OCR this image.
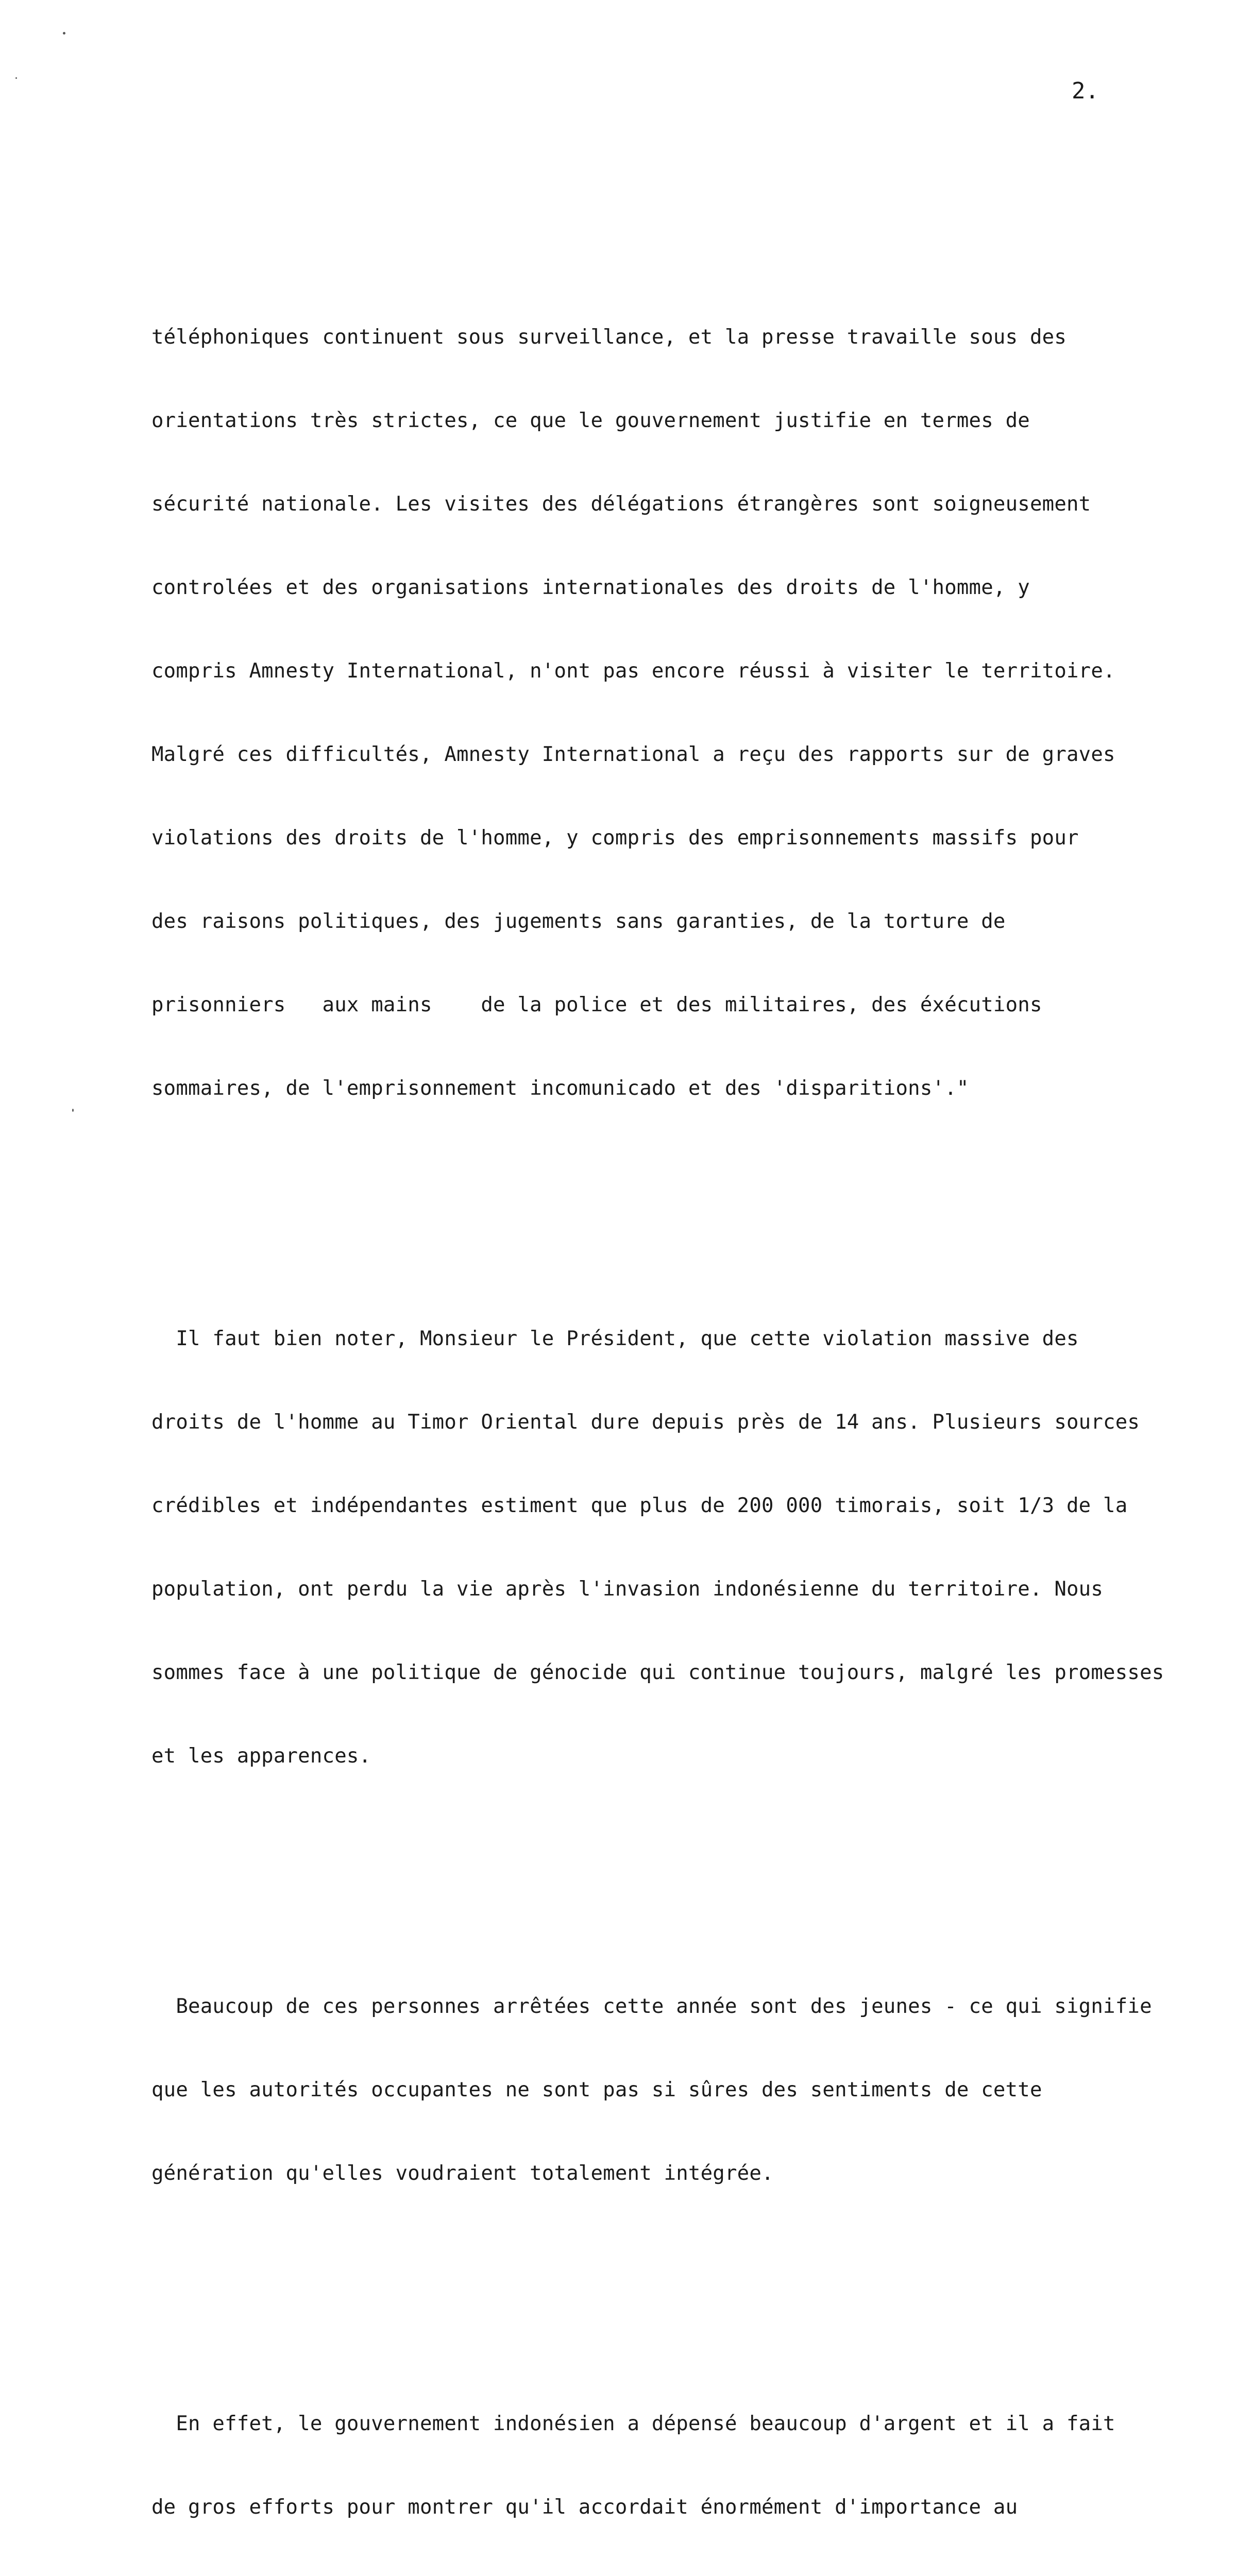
2.

téléphoniques continuent sous surveillance, et la presse travaille sous des

orientations très strictes, ce que le gouvernement justifie en termes de

sécurité nationale. Les visites des délégations étrangères sont soigneusement

controlées et des organisations internationales des droits de l'homme, y

compris Amnesty International, n'ont pas encore réussi à visiter le territoire.

Malgré ces difficultés, Amnesty International a reçu des rapports sur de graves

violations des droits de l'homme, y compris des emprisonnements massifs pour

des raisons politiques, des jugements sans garanties, de la torture de

prisonniers   aux mains    de la police et des militaires, des éxécutions

sommaires, de l'emprisonnement incomunicado et des 'disparitions'."

Il faut bien noter, Monsieur le Président, que cette violation massive des

droits de l'homme au Timor Oriental dure depuis près de 14 ans. Plusieurs sources

crédibles et indépendantes estiment que plus de 200 000 timorais, soit 1/3 de la

population, ont perdu la vie après l'invasion indonésienne du territoire. Nous

sommes face à une politique de génocide qui continue toujours, malgré les promesses

et les apparences.

Beaucoup de ces personnes arrêtées cette année sont des jeunes - ce qui signifie

que les autorités occupantes ne sont pas si sûres des sentiments de cette

génération qu'elles voudraient totalement intégrée.

En effet, le gouvernement indonésien a dépensé beaucoup d'argent et il a fait

de gros efforts pour montrer qu'il accordait énormément d'importance au
